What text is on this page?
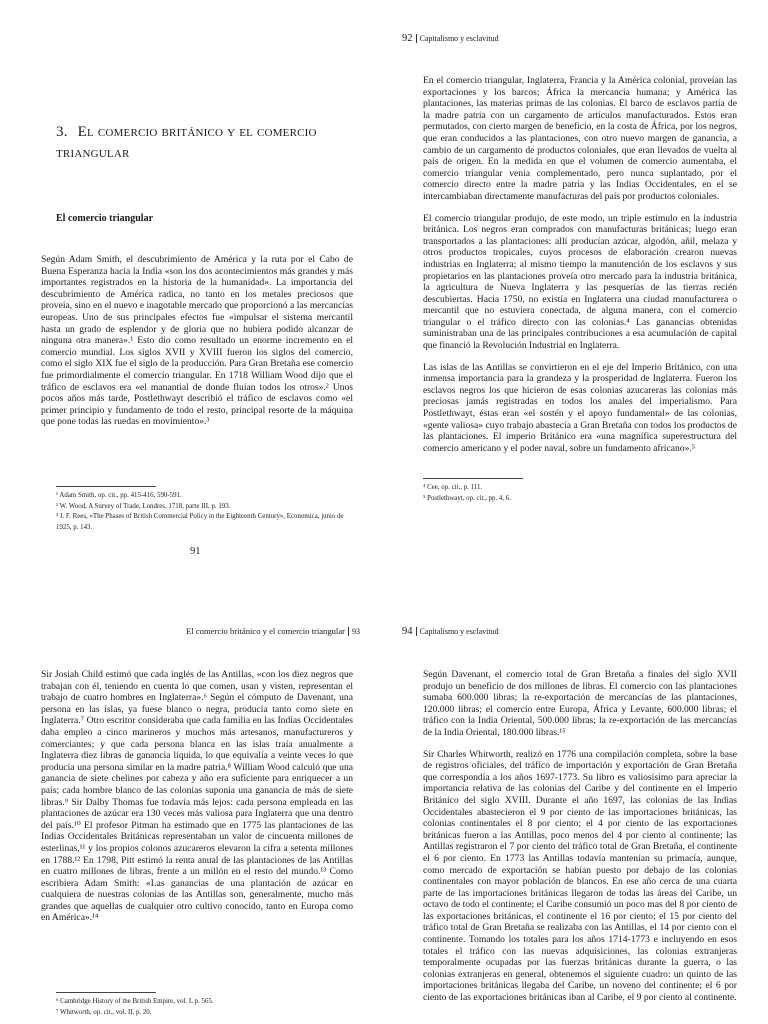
3. El comercio británico y el comercio triangular
El comercio triangular

Según Adam Smith, el descubrimiento de América y la ruta por el Cabo de Buena Esperanza hacia la India «son los dos acontecimientos más grandes y más importantes registrados en la historia de la humanidad». La importancia del descubrimiento de América radica, no tanto en los metales preciosos que proveía, sino en el nuevo e inagotable mercado que proporcionó a las mercancías europeas. Uno de sus principales efectos fue «impulsar el sistema mercantil hasta un grado de esplendor y de gloria que no hubiera podido alcanzar de ninguna otra manera».¹ Esto dio como resultado un enorme incremento en el comercio mundial. Los siglos XVII y XVIII fueron los siglos del comercio, como el siglo XIX fue el siglo de la producción. Para Gran Bretaña ese comercio fue primordialmente el comercio triangular. En 1718 William Wood dijo que el tráfico de esclavos era «el manantial de donde fluían todos los otros».² Unos pocos años más tarde, Postlethwayt describió el tráfico de esclavos como «el primer principio y fundamento de todo el resto, principal resorte de la máquina que pone todas las ruedas en movimiento».³

¹ Adam Smith, op. cit., pp. 415-416, 590-591.

² W. Wood, A Survey of Trade, Londres, 1718, parte III, p. 193.

³ J. F. Rees, «The Phases of British Commercial Policy in the Eighteenth Century», Economica, junio de 1925, p. 143.

91
92 Capitalismo y esclavitud

En el comercio triangular, Inglaterra, Francia y la América colonial, proveían las exportaciones y los barcos; África la mercancía humana; y América las plantaciones, las materias primas de las colonias. El barco de esclavos partía de la madre patria con un cargamento de artículos manufacturados. Estos eran permutados, con cierto margen de beneficio, en la costa de África, por los negros, que eran conducidos a las plantaciones, con otro nuevo margen de ganancia, a cambio de un cargamento de productos coloniales, que eran llevados de vuelta al país de origen. En la medida en que el volumen de comercio aumentaba, el comercio triangular venía complementado, pero nunca suplantado, por el comercio directo entre la madre patria y las Indias Occidentales, en el se intercambiaban directamente manufacturas del país por productos coloniales.

El comercio triangular produjo, de este modo, un triple estímulo en la industria británica. Los negros eran comprados con manufacturas británicas; luego eran transportados a las plantaciones: allí producían azúcar, algodón, añil, melaza y otros productos tropicales, cuyos procesos de elaboración crearon nuevas industrias en Inglaterra; al mismo tiempo la manutención de los esclavos y sus propietarios en las plantaciones proveía otro mercado para la industria británica, la agricultura de Nueva Inglaterra y las pesquerías de las tierras recién descubiertas. Hacia 1750, no existía en Inglaterra una ciudad manufacturera o mercantil que no estuviera conectada, de alguna manera, con el comercio triangular o el tráfico directo con las colonias.⁴ Las ganancias obtenidas suministraban una de las principales contribuciones a esa acumulación de capital que financió la Revolución Industrial en Inglaterra.

Las islas de las Antillas se convirtieron en el eje del Imperio Británico, con una inmensa importancia para la grandeza y la prosperidad de Inglaterra. Fueron los esclavos negros los que hicieron de esas colonias azucareras las colonias más preciosas jamás registradas en todos los anales del imperialismo. Para Postlethwayt, éstas eran «el sostén y el apoyo fundamental» de las colonias, «gente valiosa» cuyo trabajo abastecía a Gran Bretaña con todos los productos de las plantaciones. El imperio Británico era «una magnífica superestructura del comercio americano y el poder naval, sobre un fundamento africano».⁵

⁴ Cee, op. cit., p. 111.

⁵ Postlethwayt, op. cit., pp. 4, 6.

El comercio británico y el comercio triangular 93

Sir Josiah Child estimó que cada inglés de las Antillas, «con los diez negros que trabajan con él, teniendo en cuenta lo que comen, usan y visten, representan el trabajo de cuatro hombres en Inglaterra».⁶ Según el cómputo de Davenant, una persona en las islas, ya fuese blanco o negra, producía tanto como siete en Inglaterra.⁷ Otro escritor consideraba que cada familia en las Indias Occidentales daba empleo a cinco marineros y muchos más artesanos, manufactureros y comerciantes; y que cada persona blanca en las islas traía anualmente a Inglaterra diez libras de ganancia líquida, lo que equivalía a veinte veces lo que producía una persona similar en la madre patria.⁸ William Wood calculó que una ganancia de siete chelines por cabeza y año era suficiente para enriquecer a un país; cada hombre blanco de las colonias suponía una ganancia de más de siete libras.⁹ Sir Dalby Thomas fue todavía más lejos: cada persona empleada en las plantaciones de azúcar era 130 veces más valiosa para Inglaterra que una dentro del país.¹⁰ El profesor Pitman ha estimado que en 1775 las plantaciones de las Indias Occidentales Británicas representaban un valor de cincuenta millones de esterlinas,¹¹ y los propios colonos azucareros elevaron la cifra a setenta millones en 1788.¹² En 1798, Pitt estimó la renta anual de las plantaciones de las Antillas en cuatro millones de libras, frente a un millón en el resto del mundo.¹³ Como escribiera Adam Smith: «Las ganancias de una plantación de azúcar en cualquiera de nuestras colonias de las Antillas son, generalmente, mucho más grandes que aquellas de cualquier otro cultivo conocido, tanto en Europa como en América».¹⁴

⁶ Cambridge History of the British Empire, vol. I, p. 565.

⁷ Whitworth, op. cit., vol. II, p. 20.

94 Capitalismo y esclavitud

Según Davenant, el comercio total de Gran Bretaña a finales del siglo XVII produjo un beneficio de dos millones de libras. El comercio con las plantaciones sumaba 600.000 libras; la re-exportación de mercancías de las plantaciones, 120.000 libras; el comercio entre Europa, África y Levante, 600.000 libras; el tráfico con la India Oriental, 500.000 libras; la re-exportación de las mercancías de la India Oriental, 180.000 libras.¹⁵

Sir Charles Whitworth, realizó en 1776 una compilación completa, sobre la base de registros oficiales, del tráfico de importación y exportación de Gran Bretaña que correspondía a los años 1697-1773. Su libro es valiosísimo para apreciar la importancia relativa de las colonias del Caribe y del continente en el Imperio Británico del siglo XVIII. Durante el año 1697, las colonias de las Indias Occidentales abastecieron el 9 por ciento de las importaciones británicas, las colonias continentales el 8 por ciento; el 4 por ciento de las exportaciones británicas fueron a las Antillas, poco menos del 4 por ciento al continente; las Antillas registraron el 7 por ciento del tráfico total de Gran Bretaña, el continente el 6 por ciento. En 1773 las Antillas todavía mantenían su primacía, aunque, como mercado de exportación se habían puesto por debajo de las colonias continentales con mayor población de blancos. En ese año cerca de una cuarta parte de las importaciones británicas llegaron de todas las áreas del Caribe, un octavo de todo el continente; el Caribe consumió un poco mas del 8 por ciento de las exportaciones británicas, el continente el 16 por ciento; el 15 por ciento del tráfico total de Gran Bretaña se realizaba con las Antillas, el 14 por ciento con el continente. Tomando los totales para los años 1714-1773 e incluyendo en esos totales el tráfico con las nuevas adquisiciones, las colonias extranjeras temporalmente ocupadas por las fuerzas británicas durante la guerra, o las colonias extranjeras en general, obtenemos el siguiente cuadro: un quinto de las importaciones británicas llegaba del Caribe, un noveno del continente; el 6 por ciento de las exportaciones británicas iban al Caribe, el 9 por ciento al continente.
